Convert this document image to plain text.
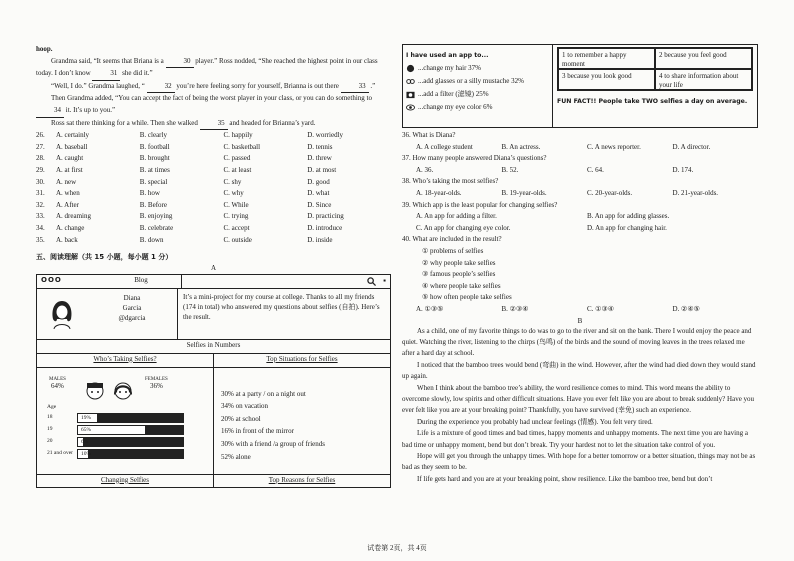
hoop.

Grandma said, “It seems that Briana is a	30 player.” Ross nodded, “She reached the highest point in our class today. I don’t know	31 she did it.”

“Well, I do.” Grandma laughed, “	32 you’re here feeling sorry for yourself, Brianna is out there	33 .”

Then Grandma added, “You can accept the fact of being the worst player in your class, or you can do something to 34 it. It’s up to you.”

Ross sat there thinking for a while. Then she walked	35 and headed for Brianna’s yard.

26.	A. certainly	B. clearly	C. happily	D. worriedly
27.	A. baseball	B. football	C. basketball	D. tennis
28.	A. caught	B. brought	C. passed	D. threw
29.	A. at first	B. at times	C. at least	D. at most
30.	A. new	B. special	C. shy	D. good
31.	A. when	B. how	C. why	D. what
32.	A. After	B. Before	C. While	D. Since
33.	A. dreaming	B. enjoying	C. trying	D. practicing
34.	A. change	B. celebrate	C. accept	D. introduce
35.	A. back	B. down	C. outside	D. inside

五、阅读理解（共 15 小题，每小题 1 分）

A

OOO	Blog	▪
Diana
Garcia
@dgarcia
It’s a mini-project for my course at college. Thanks to all my friends (174 in total) who answered my questions about selfies (自拍). Here’s the result.
Selfies in Numbers
Who’s Taking Selfies?
MALES
64%
FEMALES
36%
Age
18	19%
19	65%
20	6%
21 and over	10%
Top Situations for Selfies
30% at a party / on a night out
34% on vacation
20% at school
16% in front of the mirror
30% with a friend /a group of friends
52% alone
Changing Selfies	Top Reasons for Selfies
I have used an app to...
...change my hair 37%
...add glasses or a silly mustache 32%
...add a filter (滤镜) 25%
...change my eye color 6%
1 to remember a happy moment
2 because you feel good
3 because you look good	4 to share information about your life
FUN FACT!! People take TWO selfies a day on average.

36. What is Diana?

A. A college student	B. An actress.	C. A news reporter.	D. A director.

37. How many people answered Diana’s questions?

A. 36.	B. 52.	C. 64.	D. 174.

38. Who’s taking the most selfies?

A. 18-year-olds.	B. 19-year-olds.	C. 20-year-olds.	D. 21-year-olds.

39. Which app is the least popular for changing selfies?

A. An app for adding a filter.	B. An app for adding glasses.
C. An app for changing eye color.	D. An app for changing hair.

40. What are included in the result?

① problems of selfies
② why people take selfies
③ famous people’s selfies
④ where people take selfies
⑤ how often people take selfies
A. ①③⑤	B. ②③④	C. ①③④	D. ②④⑤

B

As a child, one of my favorite things to do was to go to the river and sit on the bank. There I would enjoy the peace and quiet. Watching the river, listening to the chirps (鸟鸣) of the birds and the sound of moving leaves in the trees relaxed me after a hard day at school.

I noticed that the bamboo trees would bend (弯曲) in the wind. However, after the wind had died down they would stand up again.

When I think about the bamboo tree’s ability, the word resilience comes to mind. This word means the ability to overcome slowly, low spirits and other difficult situations. Have you ever felt like you are about to break suddenly? Have you ever felt like you are at your breaking point? Thankfully, you have survived (幸免) such an experience.

During the experience you probably had unclear feelings (情感). You felt very tired.

Life is a mixture of good times and bad times, happy moments and unhappy moments. The next time you are having a bad time or unhappy moment, bend but don’t break. Try your hardest not to let the situation take control of you.

Hope will get you through the unhappy times. With hope for a better tomorrow or a better situation, things may not be as bad as they seem to be.

If life gets hard and you are at your breaking point, show resilience. Like the bamboo tree, bend but don’t

试卷第 2页，共 4页
